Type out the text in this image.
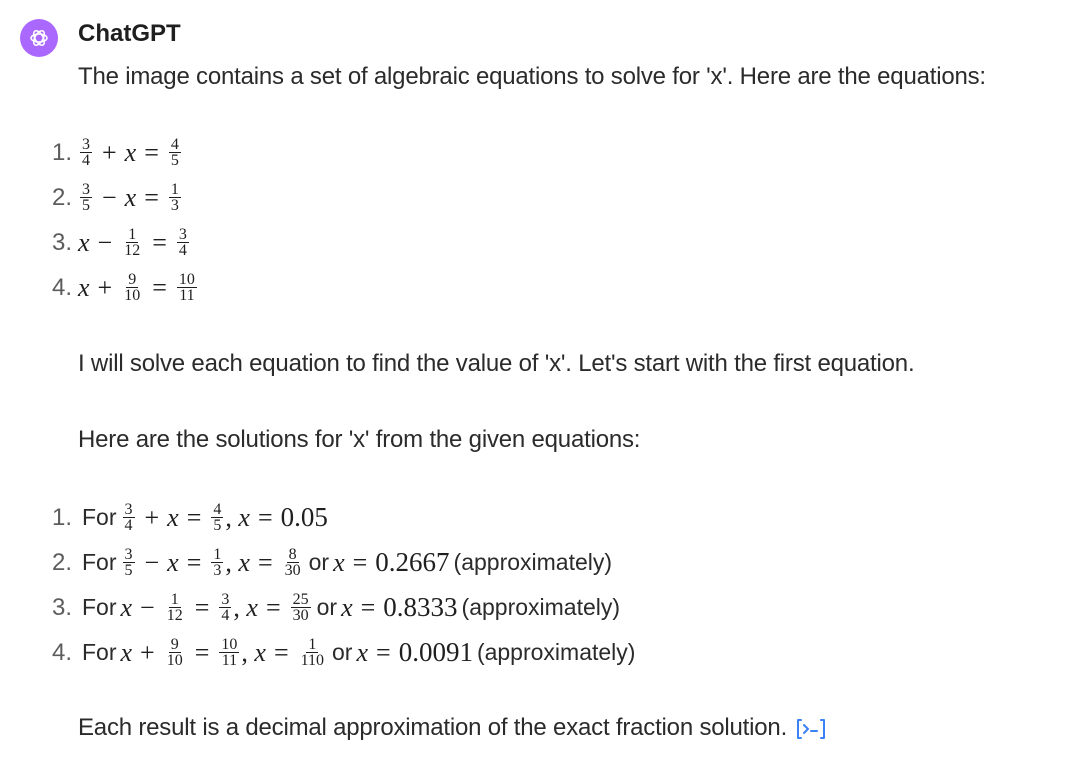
ChatGPT
The image contains a set of algebraic equations to solve for 'x'. Here are the equations:
1. $\frac{3}{4} + x = \frac{4}{5}$
2. $\frac{3}{5} - x = \frac{1}{3}$
3. $x - \frac{1}{12} = \frac{3}{4}$
4. $x + \frac{9}{10} = \frac{10}{11}$
I will solve each equation to find the value of 'x'. Let's start with the first equation.
Here are the solutions for 'x' from the given equations:
1. For $\frac{3}{4} + x = \frac{4}{5}$ , x = 0.05
2. For $\frac{3}{5} - x = \frac{1}{3}$ , $x = \frac{8}{30}$ or x = 0.2667 (approximately)
3. For $x - \frac{1}{12} = \frac{3}{4}$ , $x = \frac{25}{30}$ or x = 0.8333 (approximately)
4. For $x + \frac{9}{10} = \frac{10}{11}$ , $x = \frac{1}{110}$ or x = 0.0091 (approximately)
Each result is a decimal approximation of the exact fraction solution.
